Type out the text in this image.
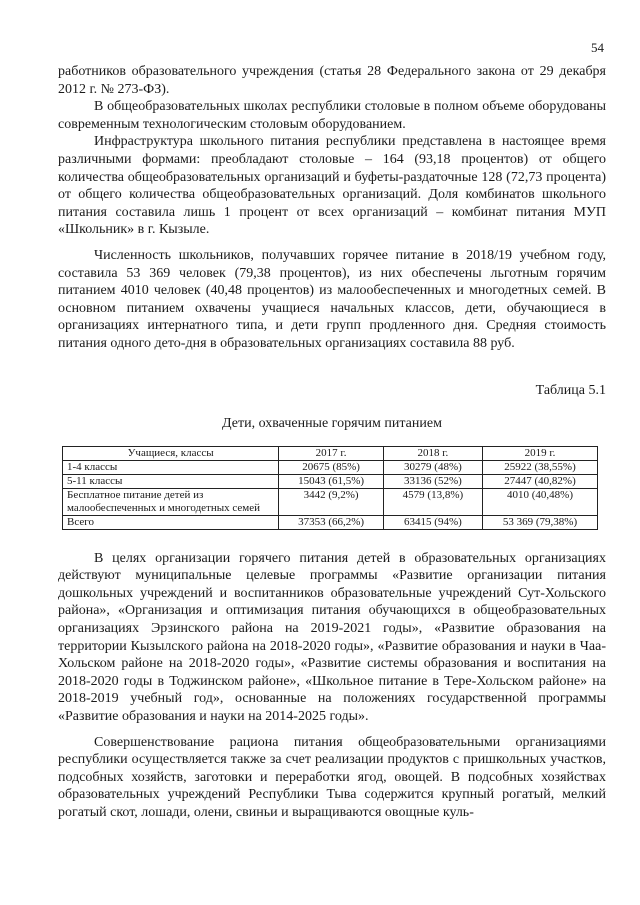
54

работников образовательного учреждения (статья 28 Федерального закона от 29 декабря 2012 г. № 273-ФЗ).

В общеобразовательных школах республики столовые в полном объеме оборудованы современным технологическим столовым оборудованием.

Инфраструктура школьного питания республики представлена в настоящее время различными формами: преобладают столовые – 164 (93,18 процентов) от общего количества общеобразовательных организаций и буфеты-раздаточные 128 (72,73 процента) от общего количества общеобразовательных организаций. Доля комбинатов школьного питания составила лишь 1 процент от всех организаций – комбинат питания МУП «Школьник» в г. Кызыле.

Численность школьников, получавших горячее питание в 2018/19 учебном году, составила 53 369 человек (79,38 процентов), из них обеспечены льготным горячим питанием 4010 человек (40,48 процентов) из малообеспеченных и многодетных семей. В основном питанием охвачены учащиеся начальных классов, дети, обучающиеся в организациях интернатного типа, и дети групп продленного дня. Средняя стоимость питания одного дето-дня в образовательных организациях составила 88 руб.

Таблица 5.1

Дети, охваченные горячим питанием

Учащиеся, классы	2017 г.	2018 г.	2019 г.
1-4 классы	20675 (85%)	30279 (48%)	25922 (38,55%)
5-11 классы	15043 (61,5%)	33136 (52%)	27447 (40,82%)
Бесплатное питание детей из малообеспеченных и многодетных семей	3442 (9,2%)	4579 (13,8%)	4010 (40,48%)
Всего	37353 (66,2%)	63415 (94%)	53 369 (79,38%)

В целях организации горячего питания детей в образовательных организациях действуют муниципальные целевые программы «Развитие организации питания дошкольных учреждений и воспитанников образовательные учреждений Сут-Хольского района», «Организация и оптимизация питания обучающихся в общеобразовательных организациях Эрзинского района на 2019-2021 годы», «Развитие образования на территории Кызылского района на 2018-2020 годы», «Развитие образования и науки в Чаа-Хольском районе на 2018-2020 годы», «Развитие системы образования и воспитания на 2018-2020 годы в Тоджинском районе», «Школьное питание в Тере-Хольском районе» на 2018-2019 учебный год», основанные на положениях государственной программы «Развитие образования и науки на 2014-2025 годы».

Совершенствование рациона питания общеобразовательными организациями республики осуществляется также за счет реализации продуктов с пришкольных участков, подсобных хозяйств, заготовки и переработки ягод, овощей. В подсобных хозяйствах образовательных учреждений Республики Тыва содержится крупный рогатый, мелкий рогатый скот, лошади, олени, свиньи и выращиваются овощные куль-
